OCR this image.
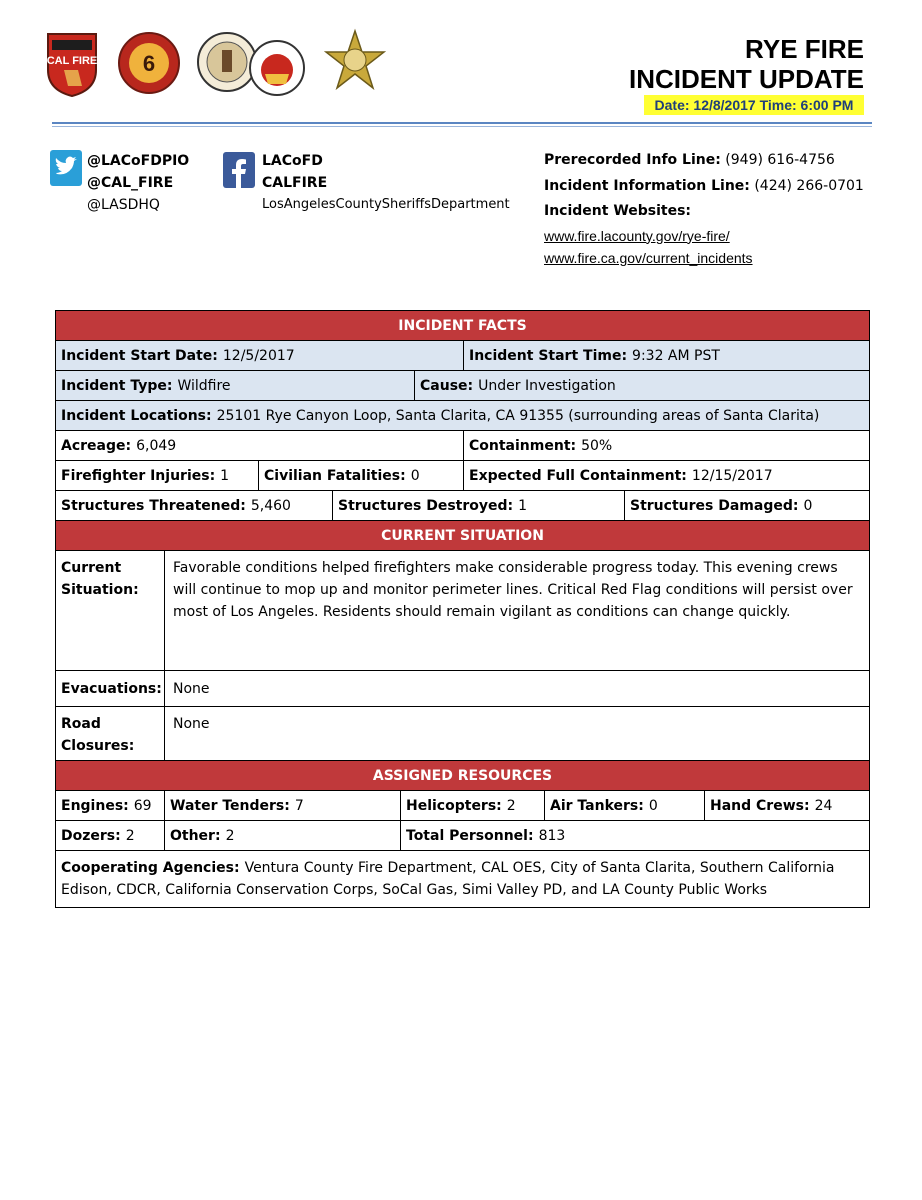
CAL FIRE 6	RYE FIRE
INCIDENT UPDATE
Date: 12/8/2017 Time: 6:00 PM
@LACoFDPIO
@CAL_FIRE
@LASDHQ
LACoFD
CALFIRE
LosAngelesCountySheriffsDepartment
Prerecorded Info Line: (949) 616-4756
Incident Information Line: (424) 266-0701
Incident Websites:
www.fire.lacounty.gov/rye-fire/
www.fire.ca.gov/current_incidents
INCIDENT FACTS
Incident Start Date: 12/5/2017	Incident Start Time: 9:32 AM PST
Incident Type: Wildfire	Cause: Under Investigation
Incident Locations: 25101 Rye Canyon Loop, Santa Clarita, CA 91355 (surrounding areas of Santa Clarita)
Acreage: 6,049	Containment: 50%
Firefighter Injuries: 1 Civilian Fatalities: 0	Expected Full Containment: 12/15/2017
Structures Threatened: 5,460	Structures Destroyed: 1	Structures Damaged: 0
CURRENT SITUATION
Current Situation:
Favorable conditions helped firefighters make considerable progress today. This evening crews will continue to mop up and monitor perimeter lines. Critical Red Flag conditions will persist over most of Los Angeles. Residents should remain vigilant as conditions can change quickly.
Evacuations: None
Road Closures:
None
ASSIGNED RESOURCES
Engines: 69 Water Tenders: 7	Helicopters: 2 Air Tankers: 0	Hand Crews: 24
Dozers: 2	Other: 2	Total Personnel: 813
Cooperating Agencies: Ventura County Fire Department, CAL OES, City of Santa Clarita, Southern California Edison, CDCR, California Conservation Corps, SoCal Gas, Simi Valley PD, and LA County Public Works
